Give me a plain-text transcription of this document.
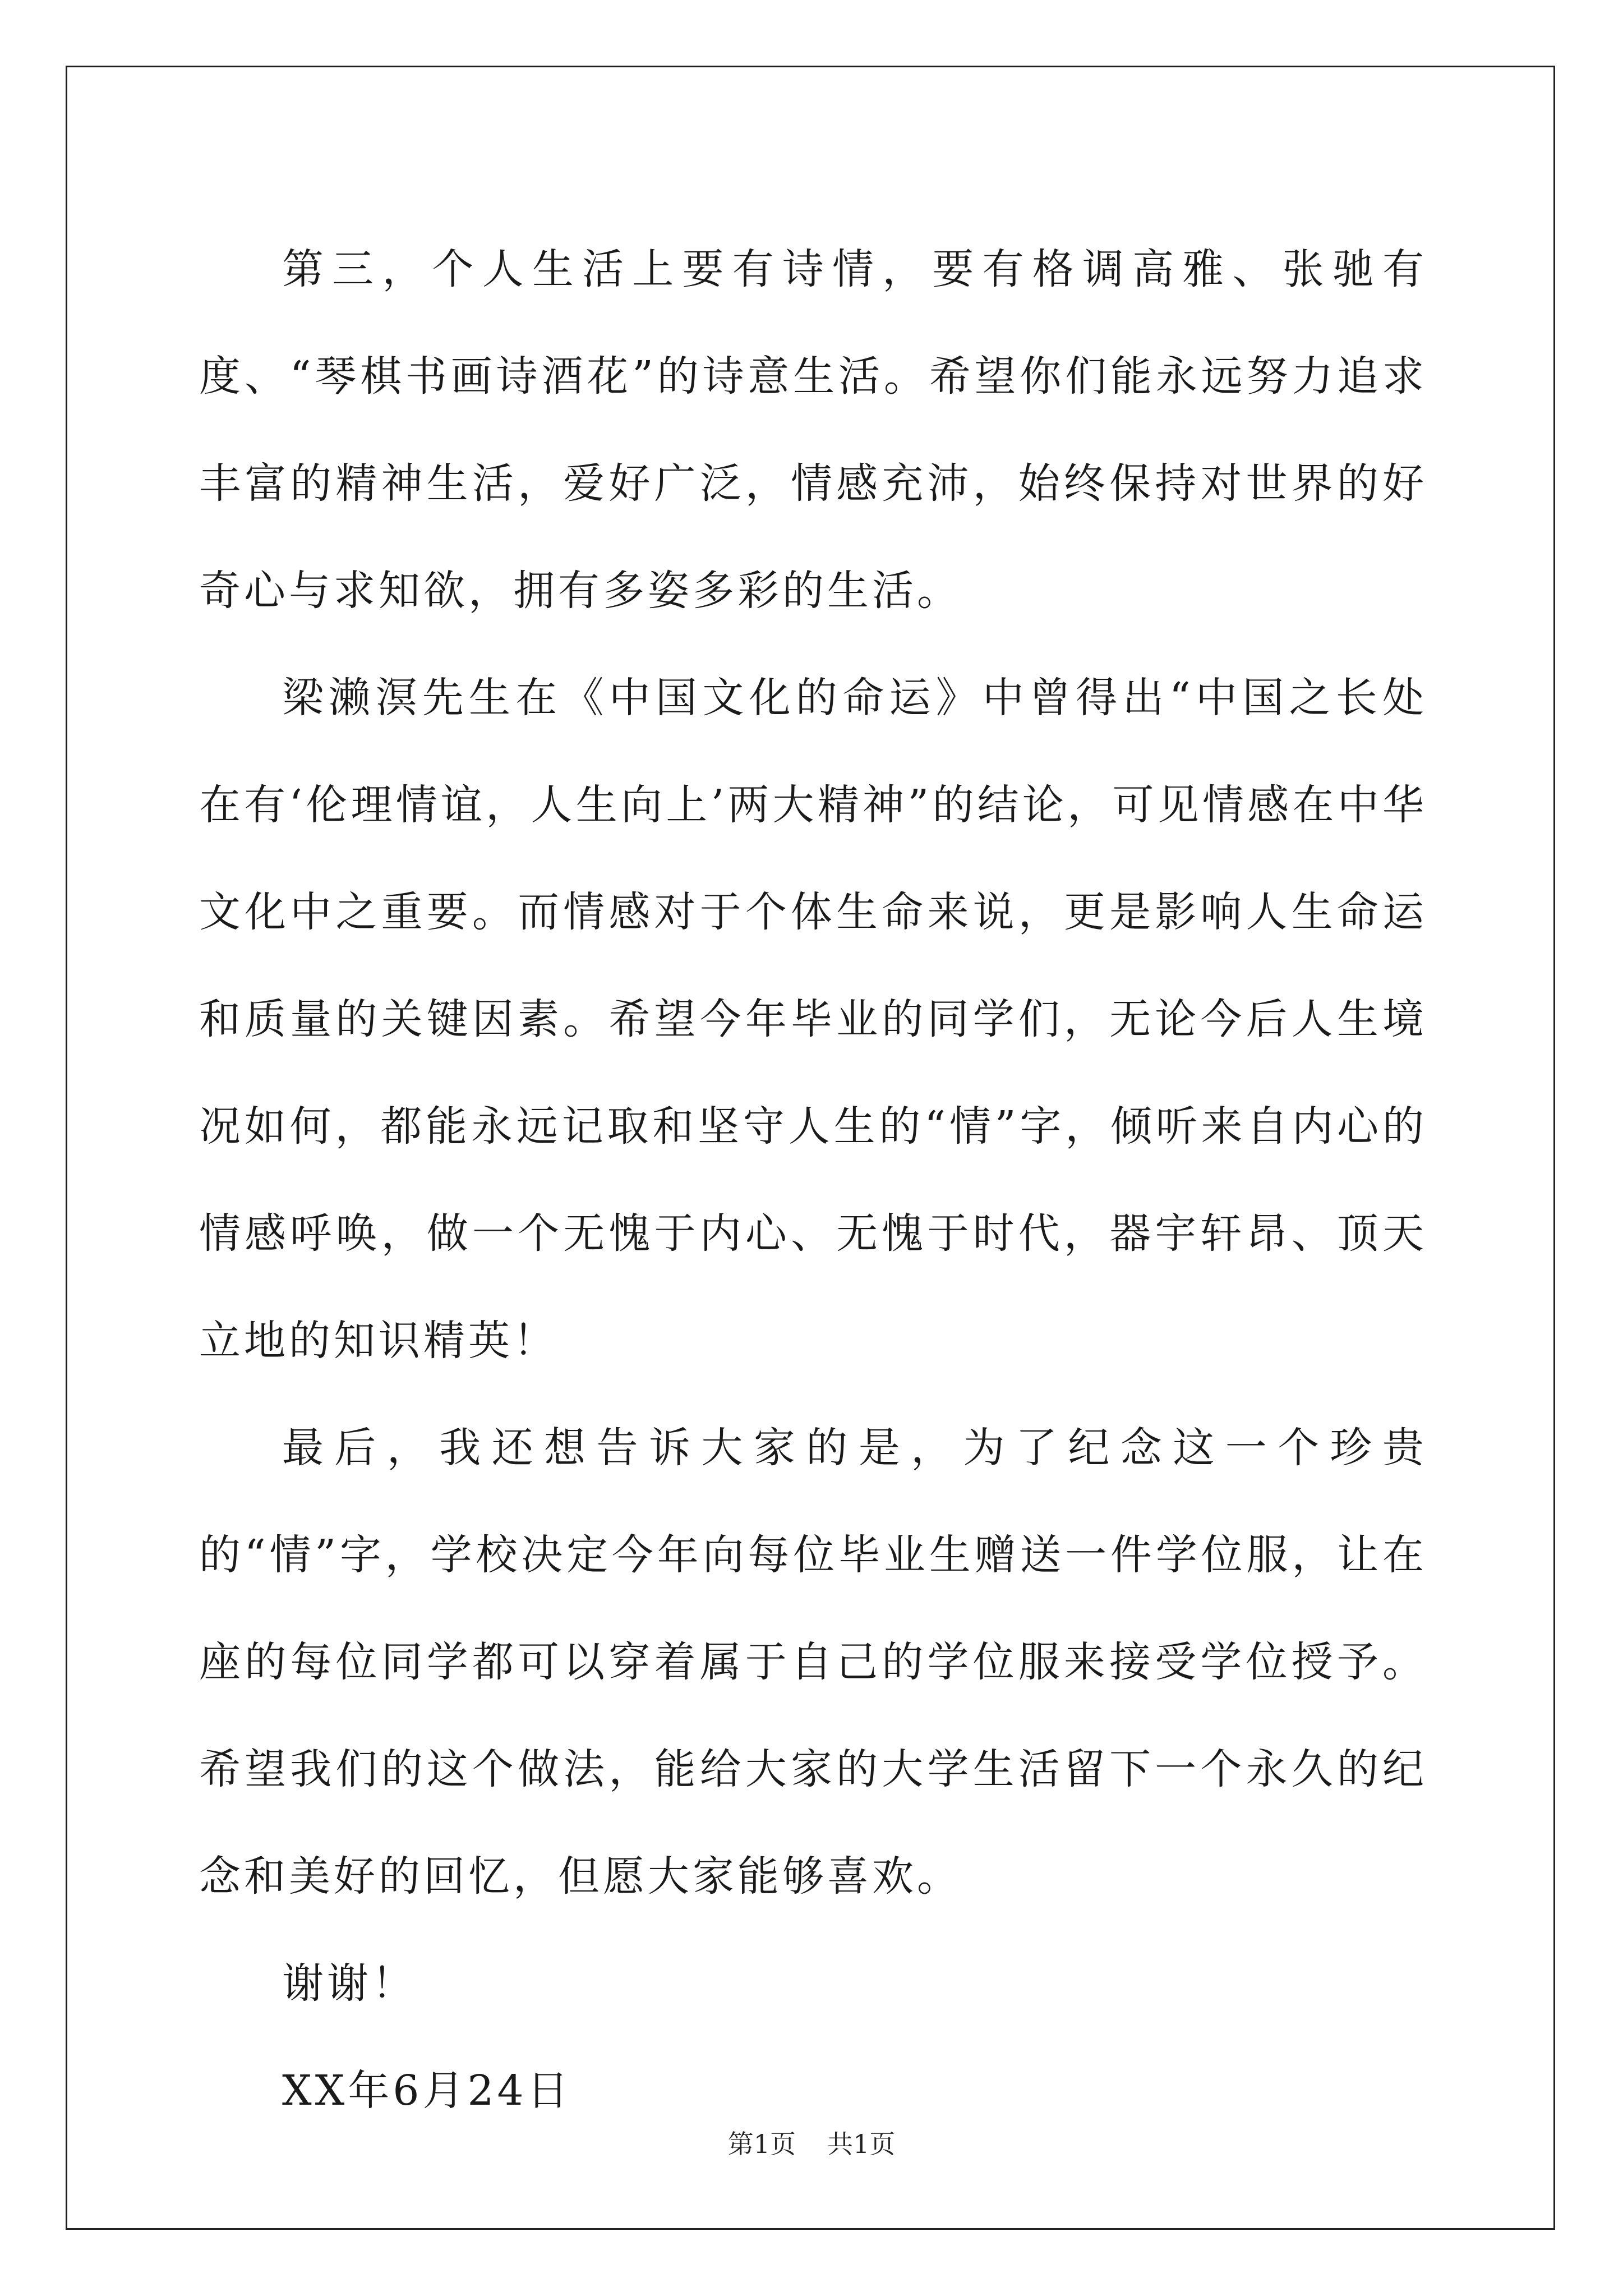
第三，个人生活上要有诗情，要有格调高雅、张驰有度、“琴棋书画诗酒花”的诗意生活。希望你们能永远努力追求丰富的精神生活，爱好广泛，情感充沛，始终保持对世界的好奇心与求知欲，拥有多姿多彩的生活。

梁濑溟先生在《中国文化的命运》中曾得出“中国之长处在有‘伦理情谊，人生向上’两大精神”的结论，可见情感在中华文化中之重要。而情感对于个体生命来说，更是影响人生命运和质量的关键因素。希望今年毕业的同学们，无论今后人生境况如何，都能永远记取和坚守人生的“情”字，倾听来自内心的情感呼唤，做一个无愧于内心、无愧于时代，器宇轩昂、顶天立地的知识精英！

最后，我还想告诉大家的是，为了纪念这一个珍贵的“情”字，学校决定今年向每位毕业生赠送一件学位服，让在座的每位同学都可以穿着属于自己的学位服来接受学位授予。希望我们的这个做法，能给大家的大学生活留下一个永久的纪念和美好的回忆，但愿大家能够喜欢。

谢谢！

XX年6月24日

第1页 共1页
